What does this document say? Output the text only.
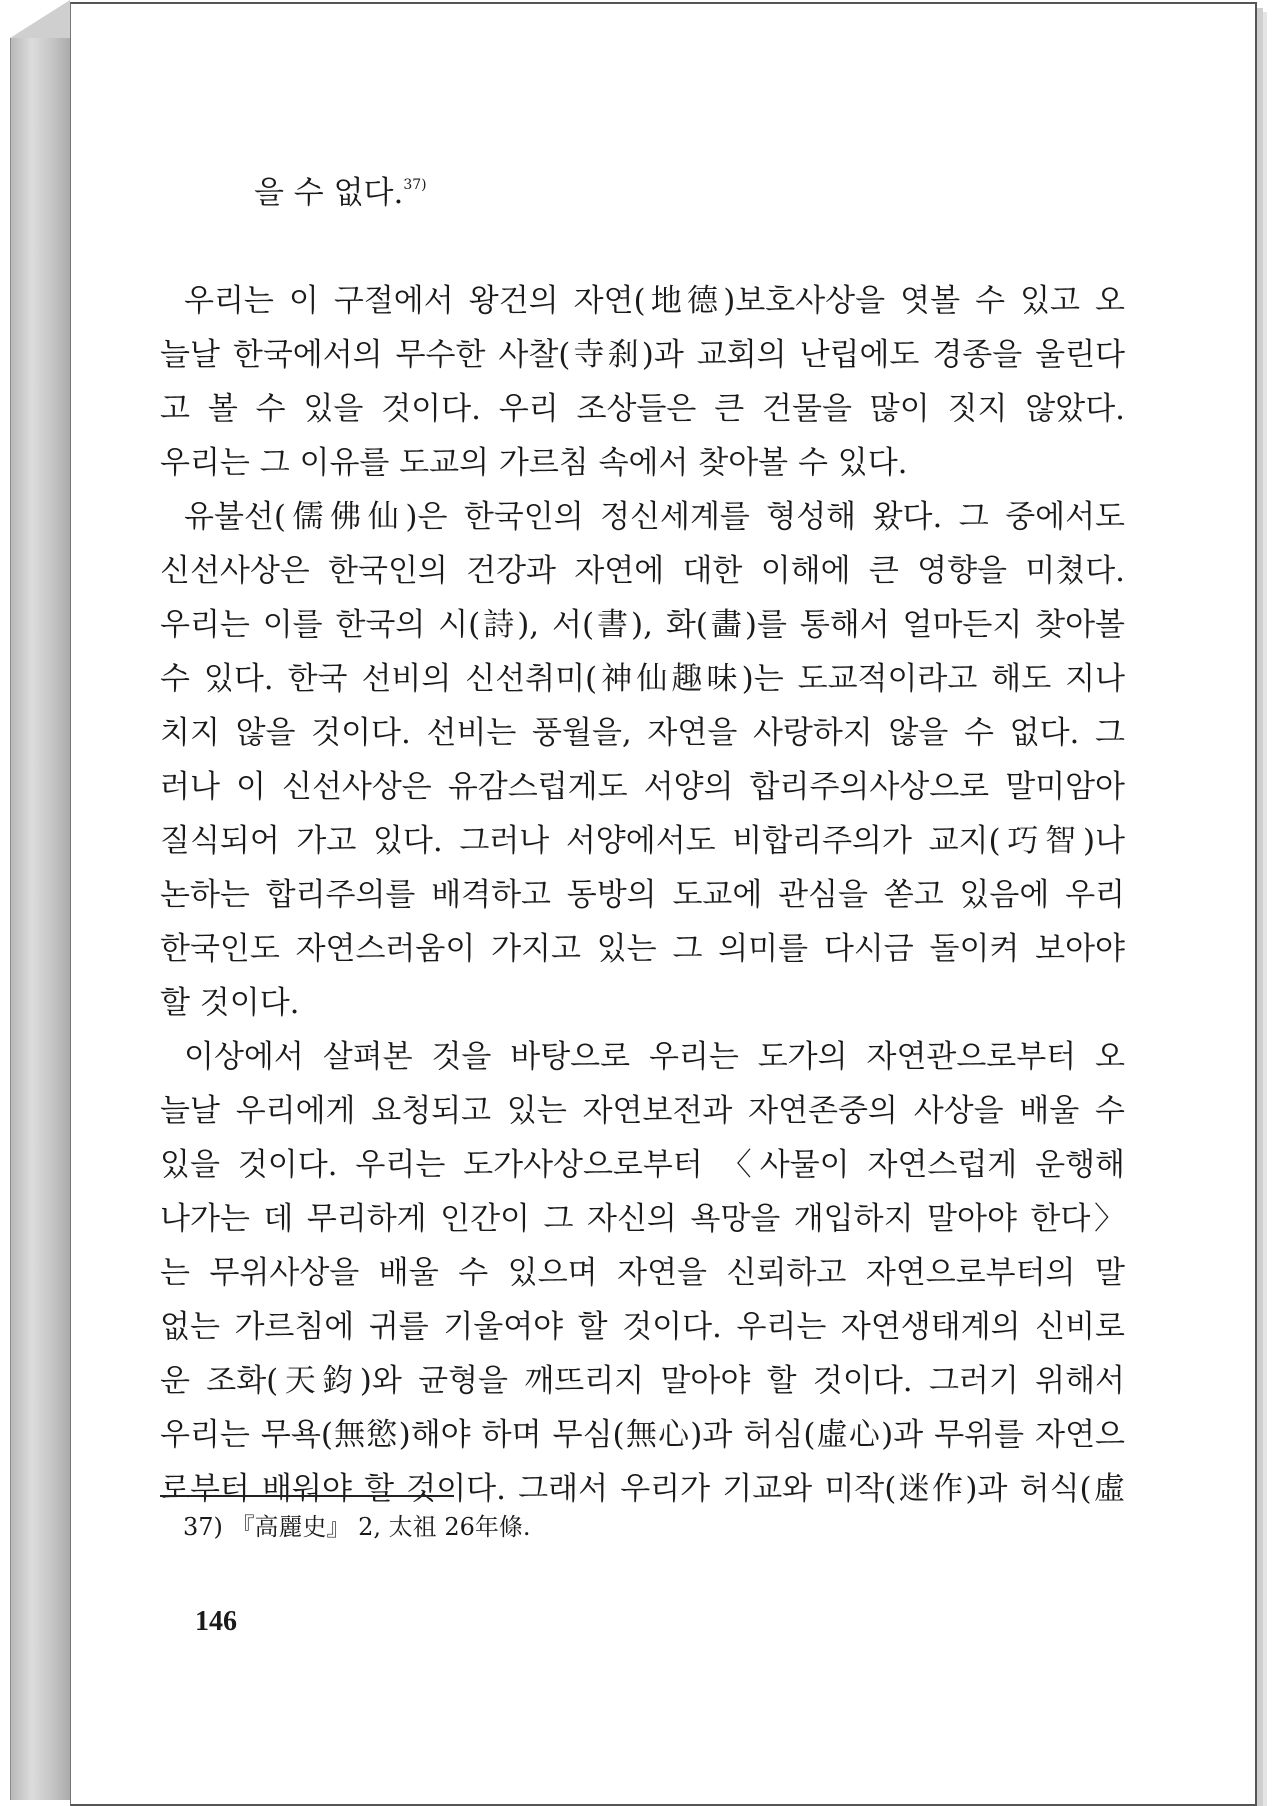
을 수 없다.$^{37)}$
우리는 이 구절에서 왕건의 자연(地德)보호사상을 엿볼 수 있고 오
늘날 한국에서의 무수한 사찰(寺刹)과 교회의 난립에도 경종을 울린다
고 볼 수 있을 것이다. 우리 조상들은 큰 건물을 많이 짓지 않았다.
우리는 그 이유를 도교의 가르침 속에서 찾아볼 수 있다.
유불선(儒佛仙)은 한국인의 정신세계를 형성해 왔다. 그 중에서도
신선사상은 한국인의 건강과 자연에 대한 이해에 큰 영향을 미쳤다.
우리는 이를 한국의 시(詩), 서(書), 화(畵)를 통해서 얼마든지 찾아볼
수 있다. 한국 선비의 신선취미(神仙趣味)는 도교적이라고 해도 지나
치지 않을 것이다. 선비는 풍월을, 자연을 사랑하지 않을 수 없다. 그
러나 이 신선사상은 유감스럽게도 서양의 합리주의사상으로 말미암아
질식되어 가고 있다. 그러나 서양에서도 비합리주의가 교지(巧智)나
논하는 합리주의를 배격하고 동방의 도교에 관심을 쏟고 있음에 우리
한국인도 자연스러움이 가지고 있는 그 의미를 다시금 돌이켜 보아야
할 것이다.
이상에서 살펴본 것을 바탕으로 우리는 도가의 자연관으로부터 오
늘날 우리에게 요청되고 있는 자연보전과 자연존중의 사상을 배울 수
있을 것이다. 우리는 도가사상으로부터 〈사물이 자연스럽게 운행해
나가는 데 무리하게 인간이 그 자신의 욕망을 개입하지 말아야 한다〉
는 무위사상을 배울 수 있으며 자연을 신뢰하고 자연으로부터의 말
없는 가르침에 귀를 기울여야 할 것이다. 우리는 자연생태계의 신비로
운 조화(天鈞)와 균형을 깨뜨리지 말아야 할 것이다. 그러기 위해서
우리는 무욕(無慾)해야 하며 무심(無心)과 허심(虛心)과 무위를 자연으
로부터 배워야 할 것이다. 그래서 우리가 기교와 미작(迷作)과 허식(虛
37) 『高麗史』 2, 太祖 26年條.
146
